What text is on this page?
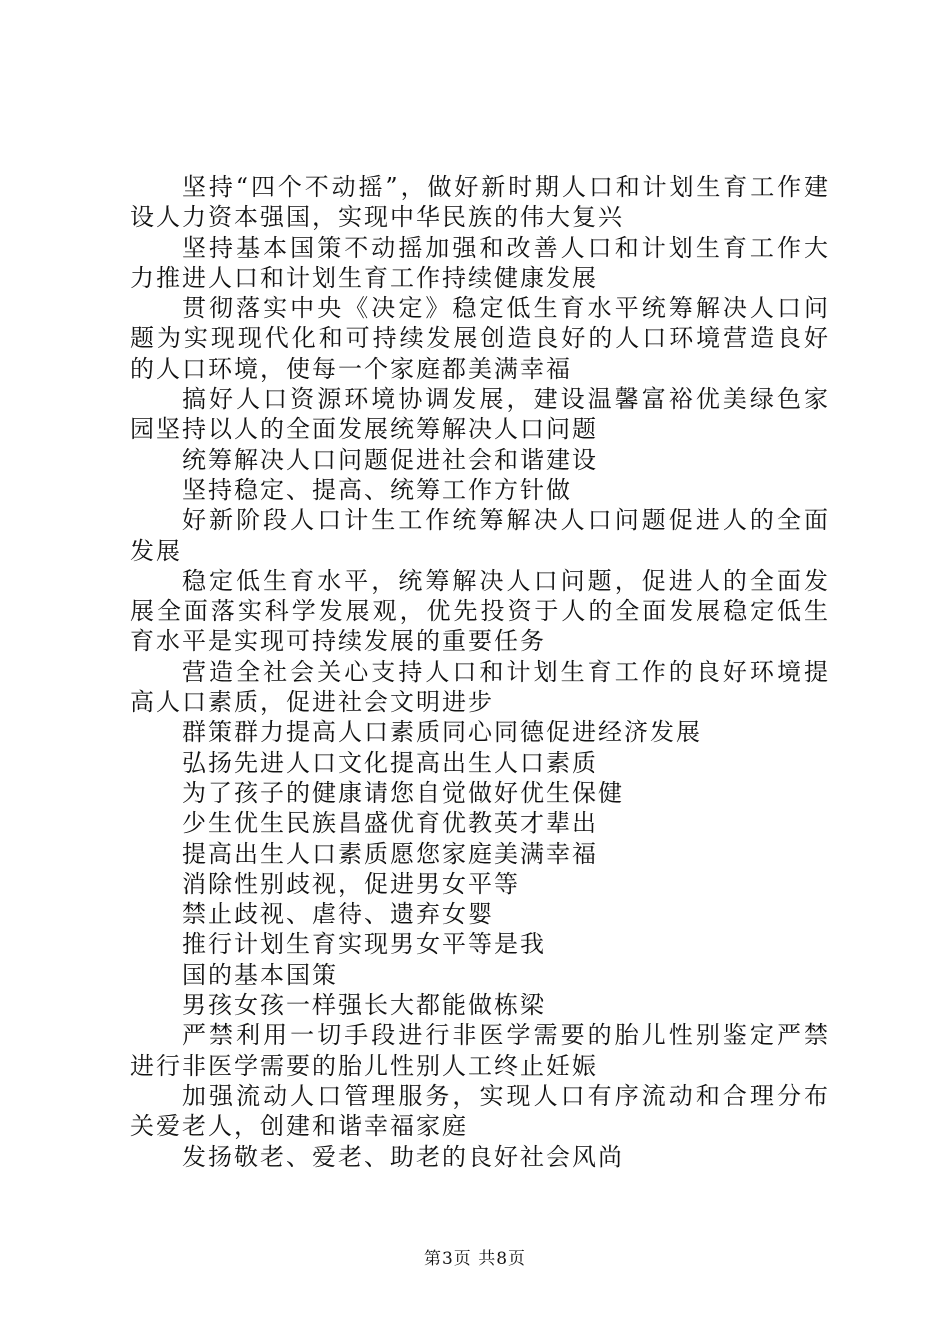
坚持“四个不动摇”，做好新时期人口和计划生育工作建设人力资本强国，实现中华民族的伟大复兴

坚持基本国策不动摇加强和改善人口和计划生育工作大力推进人口和计划生育工作持续健康发展

贯彻落实中央《决定》稳定低生育水平统筹解决人口问题为实现现代化和可持续发展创造良好的人口环境营造良好的人口环境，使每一个家庭都美满幸福

搞好人口资源环境协调发展，建设温馨富裕优美绿色家园坚持以人的全面发展统筹解决人口问题

统筹解决人口问题促进社会和谐建设

坚持稳定、提高、统筹工作方针做

好新阶段人口计生工作统筹解决人口问题促进人的全面发展

稳定低生育水平，统筹解决人口问题，促进人的全面发展全面落实科学发展观，优先投资于人的全面发展稳定低生育水平是实现可持续发展的重要任务

营造全社会关心支持人口和计划生育工作的良好环境提高人口素质，促进社会文明进步

群策群力提高人口素质同心同德促进经济发展

弘扬先进人口文化提高出生人口素质

为了孩子的健康请您自觉做好优生保健

少生优生民族昌盛优育优教英才辈出

提高出生人口素质愿您家庭美满幸福

消除性别歧视，促进男女平等

禁止歧视、虐待、遗弃女婴

推行计划生育实现男女平等是我

国的基本国策

男孩女孩一样强长大都能做栋梁

严禁利用一切手段进行非医学需要的胎儿性别鉴定严禁进行非医学需要的胎儿性别人工终止妊娠

加强流动人口管理服务，实现人口有序流动和合理分布关爱老人，创建和谐幸福家庭

发扬敬老、爱老、助老的良好社会风尚

第3页 共8页
